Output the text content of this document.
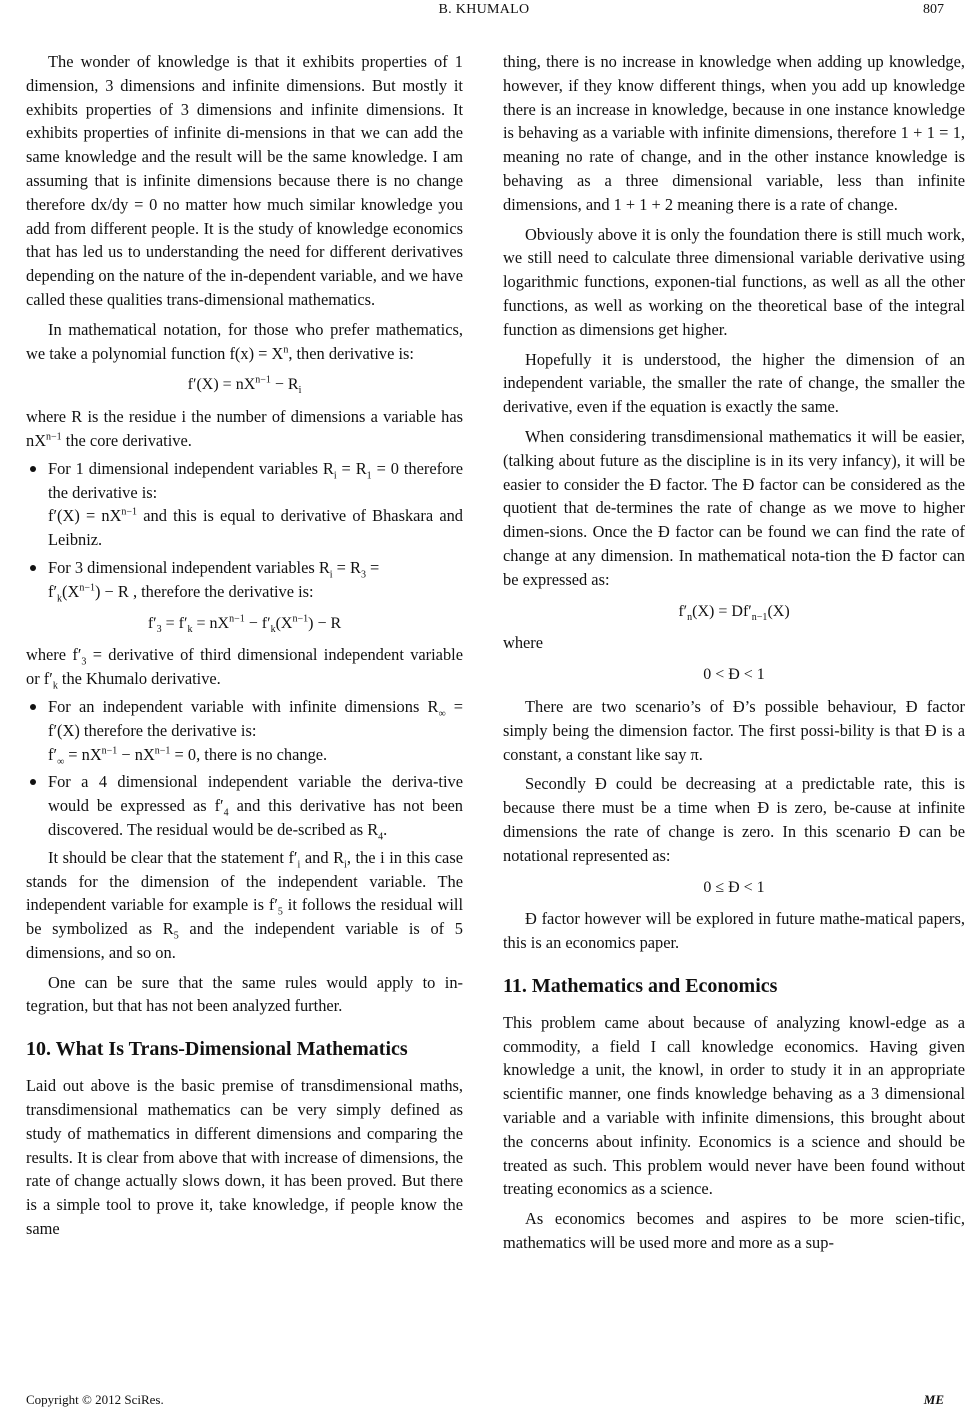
B. KHUMALO	807

The wonder of knowledge is that it exhibits properties of 1 dimension, 3 dimensions and infinite dimensions. But mostly it exhibits properties of 3 dimensions and infinite dimensions. It exhibits properties of infinite di-mensions in that we can add the same knowledge and the result will be the same knowledge. I am assuming that is infinite dimensions because there is no change therefore dx/dy = 0 no matter how much similar knowledge you add from different people. It is the study of knowledge economics that has led us to understanding the need for different derivatives depending on the nature of the in-dependent variable, and we have called these qualities trans-dimensional mathematics.

In mathematical notation, for those who prefer mathematics, we take a polynomial function $f(x) = X^n$, then derivative is:

$f'(X) = nX^{n-1} - R_i$

where R is the residue i the number of dimensions a variable has $nX^{n-1}$ the core derivative.

For 1 dimensional independent variables $R_i = R_1 = 0$ therefore the derivative is:
$f'(X) = nX^{n-1}$ and this is equal to derivative of Bhaskara and Leibniz.
For 3 dimensional independent variables $R_i = R_3$ =
$f'_k(X^{n-1}) - R$ , therefore the derivative is:
$f'_3 = f'_k = nX^{n-1} - f'_k(X^{n-1}) - R$

where $f'_3$ = derivative of third dimensional independent variable or $f'_k$ the Khumalo derivative.

For an independent variable with infinite dimensions $R_\infty = f'(X)$ therefore the derivative is:
$f'_\infty = nX^{n-1} - nX^{n-1} = 0$, there is no change.
For a 4 dimensional independent variable the deriva-tive would be expressed as $f'_4$ and this derivative has not been discovered. The residual would be de-scribed as $R_4$.

It should be clear that the statement $f'_i$ and $R_i$, the i in this case stands for the dimension of the independent variable. The independent variable for example is $f'_5$ it follows the residual will be symbolized as $R_5$ and the independent variable is of 5 dimensions, and so on.

One can be sure that the same rules would apply to in-tegration, but that has not been analyzed further.

10. What Is Trans-Dimensional Mathematics

Laid out above is the basic premise of transdimensional maths, transdimensional mathematics can be very simply defined as study of mathematics in different dimensions and comparing the results. It is clear from above that with increase of dimensions, the rate of change actually slows down, it has been proved. But there is a simple tool to prove it, take knowledge, if people know the same

thing, there is no increase in knowledge when adding up knowledge, however, if they know different things, when you add up knowledge there is an increase in knowledge, because in one instance knowledge is behaving as a variable with infinite dimensions, therefore 1 + 1 = 1, meaning no rate of change, and in the other instance knowledge is behaving as a three dimensional variable, less than infinite dimensions, and 1 + 1 + 2 meaning there is a rate of change.

Obviously above it is only the foundation there is still much work, we still need to calculate three dimensional variable derivative using logarithmic functions, exponen-tial functions, as well as all the other functions, as well as working on the theoretical base of the integral function as dimensions get higher.

Hopefully it is understood, the higher the dimension of an independent variable, the smaller the rate of change, the smaller the derivative, even if the equation is exactly the same.

When considering transdimensional mathematics it will be easier, (talking about future as the discipline is in its very infancy), it will be easier to consider the Đ factor. The Đ factor can be considered as the quotient that de-termines the rate of change as we move to higher dimen-sions. Once the Đ factor can be found we can find the rate of change at any dimension. In mathematical nota-tion the Đ factor can be expressed as:

$f'_n(X) = Df'_{n-1}(X)$

where

0 < Đ < 1

There are two scenario’s of Đ’s possible behaviour, Đ factor simply being the dimension factor. The first possi-bility is that Đ is a constant, a constant like say π.

Secondly Đ could be decreasing at a predictable rate, this is because there must be a time when Đ is zero, be-cause at infinite dimensions the rate of change is zero. In this scenario Đ can be notational represented as:

0 ≤ Đ < 1

Đ factor however will be explored in future mathe-matical papers, this is an economics paper.

11. Mathematics and Economics

This problem came about because of analyzing knowl-edge as a commodity, a field I call knowledge economics. Having given knowledge a unit, the knowl, in order to study it in an appropriate scientific manner, one finds knowledge behaving as a 3 dimensional variable and a variable with infinite dimensions, this brought about the concerns about infinity. Economics is a science and should be treated as such. This problem would never have been found without treating economics as a science.

As economics becomes and aspires to be more scien-tific, mathematics will be used more and more as a sup-

Copyright © 2012 SciRes.	ME
